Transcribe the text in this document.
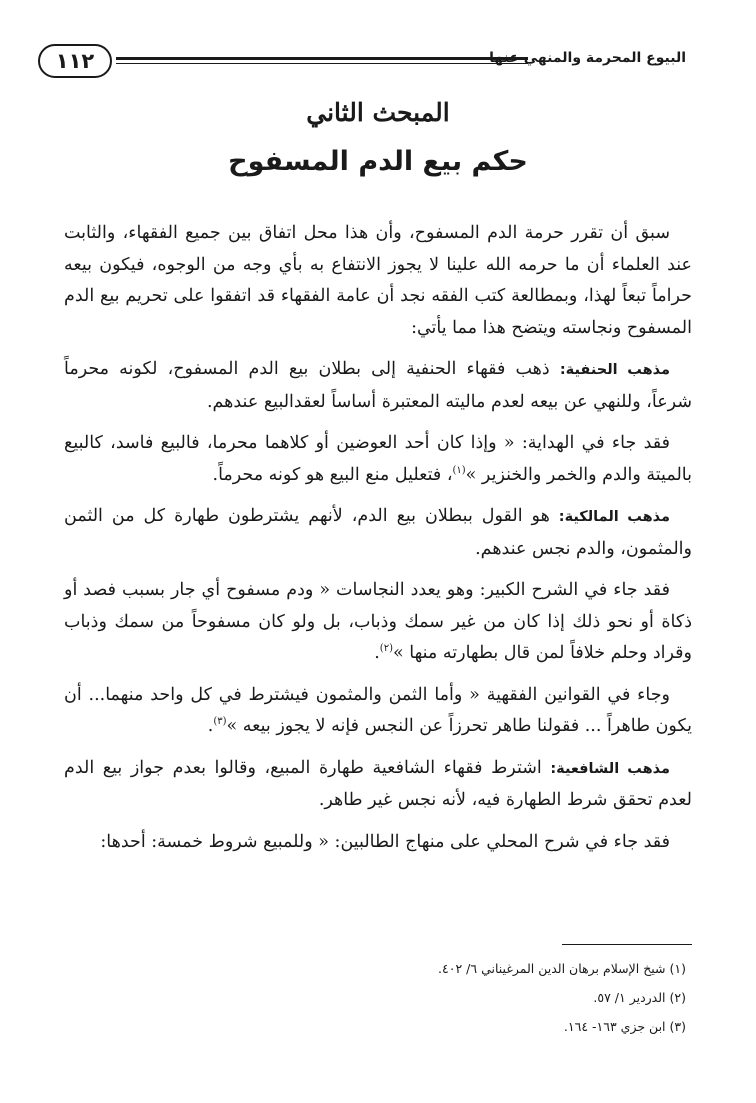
١١٢	البيوع المحرمة والمنهي عنها
المبحث الثاني
حكم بيع الدم المسفوح

سبق أن تقرر حرمة الدم المسفوح، وأن هذا محل اتفاق بين جميع الفقهاء، والثابت عند العلماء أن ما حرمه الله علينا لا يجوز الانتفاع به بأي وجه من الوجوه، فيكون بيعه حراماً تبعاً لهذا، وبمطالعة كتب الفقه نجد أن عامة الفقهاء قد اتفقوا على تحريم بيع الدم المسفوح ونجاسته ويتضح هذا مما يأتي:

مذهب الحنفية: ذهب فقهاء الحنفية إلى بطلان بيع الدم المسفوح، لكونه محرماً شرعاً، وللنهي عن بيعه لعدم ماليته المعتبرة أساساً لعقدالبيع عندهم.

فقد جاء في الهداية: « وإذا كان أحد العوضين أو كلاهما محرما، فالبيع فاسد، كالبيع بالميتة والدم والخمر والخنزير »$^{(١)}$، فتعليل منع البيع هو كونه محرماً.

مذهب المالكية: هو القول ببطلان بيع الدم، لأنهم يشترطون طهارة كل من الثمن والمثمون، والدم نجس عندهم.

فقد جاء في الشرح الكبير: وهو يعدد النجاسات « ودم مسفوح أي جار بسبب فصد أو ذكاة أو نحو ذلك إذا كان من غير سمك وذباب، بل ولو كان مسفوحاً من سمك وذباب وقراد وحلم خلافاً لمن قال بطهارته منها »$^{(٢)}$.

وجاء في القوانين الفقهية « وأما الثمن والمثمون فيشترط في كل واحد منهما... أن يكون طاهراً ... فقولنا طاهر تحرزاً عن النجس فإنه لا يجوز بيعه »$^{(٣)}$.

مذهب الشافعية: اشترط فقهاء الشافعية طهارة المبيع، وقالوا بعدم جواز بيع الدم لعدم تحقق شرط الطهارة فيه، لأنه نجس غير طاهر.

فقد جاء في شرح المحلي على منهاج الطالبين: « وللمبيع شروط خمسة: أحدها:

(١) شيخ الإسلام برهان الدين المرغيناني ٦/ ٤٠٢.
(٢) الدردير ١/ ٥٧.
(٣) ابن جزي ١٦٣- ١٦٤.
